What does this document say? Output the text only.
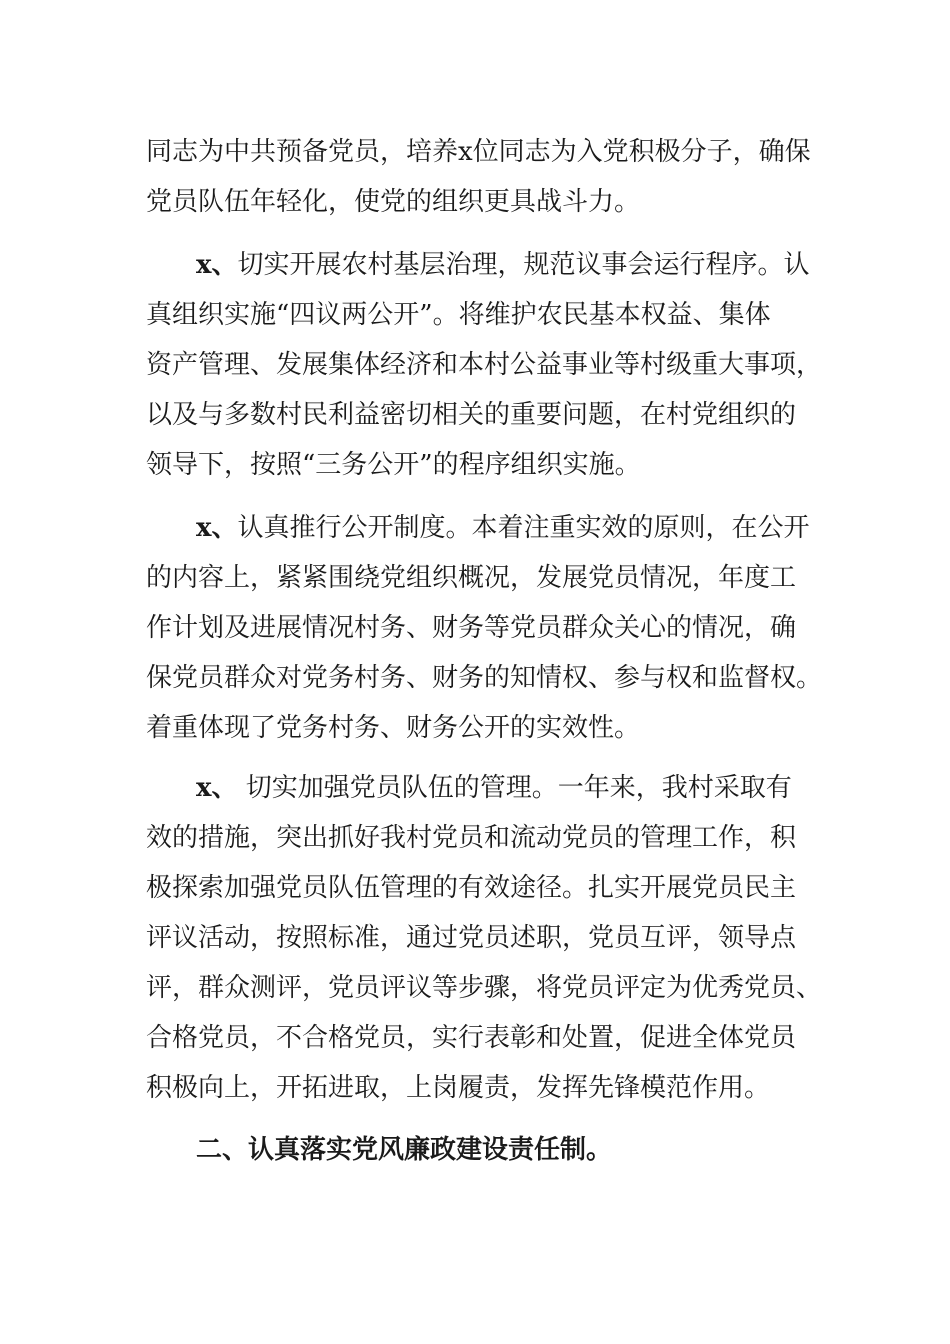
同志为中共预备党员，培养x位同志为入党积极分子，确保

党员队伍年轻化，使党的组织更具战斗力。

x、切实开展农村基层治理，规范议事会运行程序。认

真组织实施“四议两公开”。将维护农民基本权益、集体

资产管理、发展集体经济和本村公益事业等村级重大事项，

以及与多数村民利益密切相关的重要问题，在村党组织的

领导下，按照“三务公开”的程序组织实施。

x、认真推行公开制度。本着注重实效的原则，在公开

的内容上，紧紧围绕党组织概况，发展党员情况，年度工

作计划及进展情况村务、财务等党员群众关心的情况，确

保党员群众对党务村务、财务的知情权、参与权和监督权。

着重体现了党务村务、财务公开的实效性。

x、 切实加强党员队伍的管理。一年来，我村采取有

效的措施，突出抓好我村党员和流动党员的管理工作，积

极探索加强党员队伍管理的有效途径。扎实开展党员民主

评议活动，按照标准，通过党员述职，党员互评，领导点

评，群众测评，党员评议等步骤，将党员评定为优秀党员、

合格党员，不合格党员，实行表彰和处置，促进全体党员

积极向上，开拓进取，上岗履责，发挥先锋模范作用。

二、认真落实党风廉政建设责任制。
